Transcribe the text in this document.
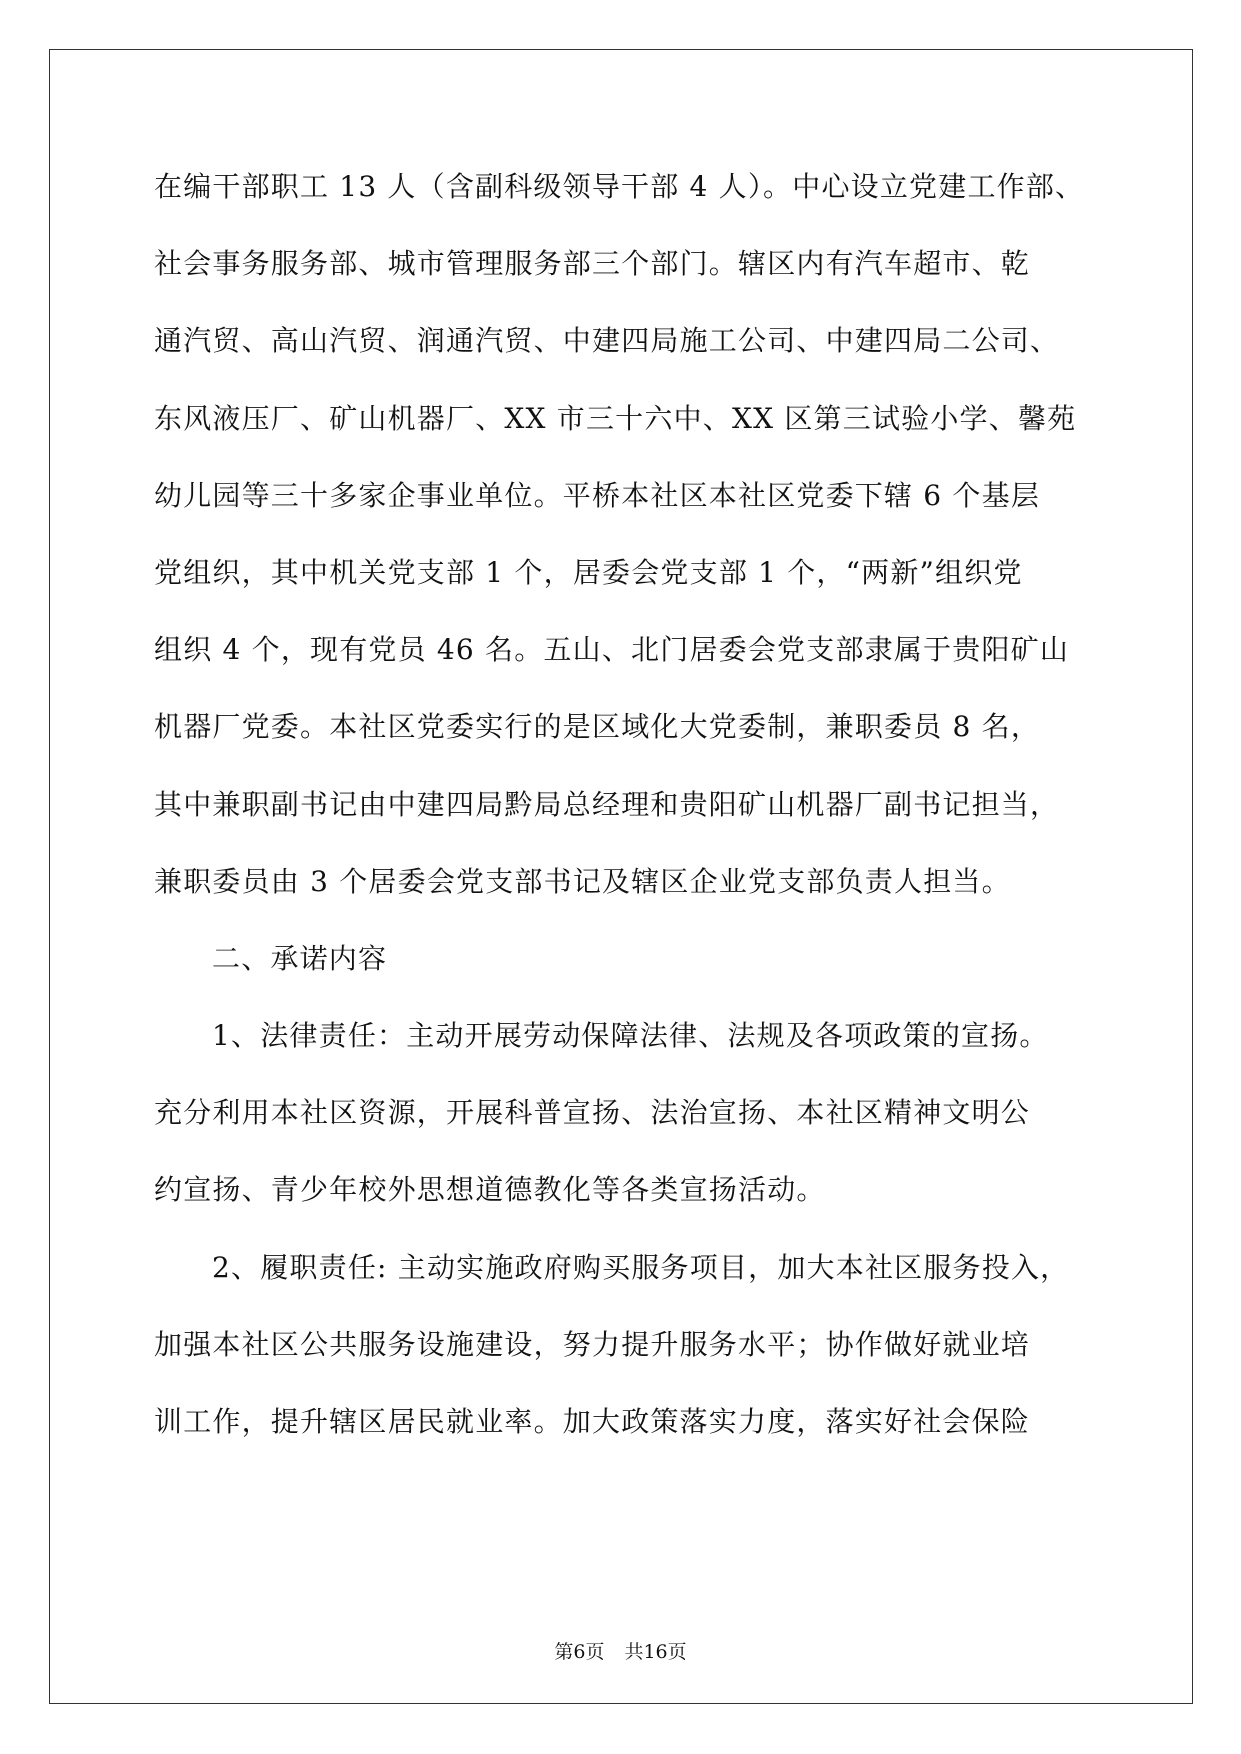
在编干部职工 13 人（含副科级领导干部 4 人）。中心设立党建工作部、
社会事务服务部、城市管理服务部三个部门。辖区内有汽车超市、乾
通汽贸、高山汽贸、润通汽贸、中建四局施工公司、中建四局二公司、
东风液压厂、矿山机器厂、XX 市三十六中、XX 区第三试验小学、馨苑
幼儿园等三十多家企事业单位。平桥本社区本社区党委下辖 6 个基层
党组织，其中机关党支部 1 个，居委会党支部 1 个，“两新”组织党
组织 4 个，现有党员 46 名。五山、北门居委会党支部隶属于贵阳矿山
机器厂党委。本社区党委实行的是区域化大党委制，兼职委员 8 名，
其中兼职副书记由中建四局黔局总经理和贵阳矿山机器厂副书记担当，
兼职委员由 3 个居委会党支部书记及辖区企业党支部负责人担当。
二、承诺内容
1、法律责任：主动开展劳动保障法律、法规及各项政策的宣扬。
充分利用本社区资源，开展科普宣扬、法治宣扬、本社区精神文明公
约宣扬、青少年校外思想道德教化等各类宣扬活动。
2、履职责任: 主动实施政府购买服务项目，加大本社区服务投入，
加强本社区公共服务设施建设，努力提升服务水平；协作做好就业培
训工作，提升辖区居民就业率。加大政策落实力度，落实好社会保险
第6页 共16页
